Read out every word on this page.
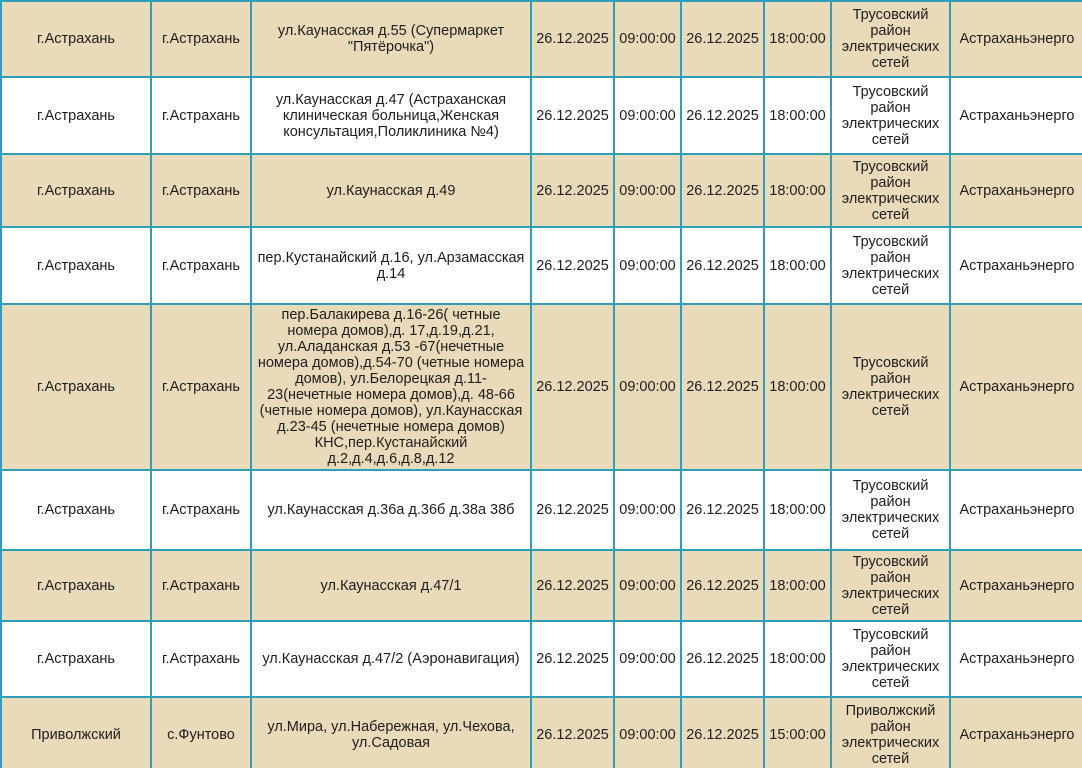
г.Астрахань	г.Астрахань	ул.Каунасская д.55 (Супермаркет "Пятёрочка")	26.12.2025	09:00:00	26.12.2025	18:00:00	Трусовский район электрических сетей	Астраханьэнерго
г.Астрахань	г.Астрахань	ул.Каунасская д.47 (Астраханская клиническая больница,Женская консультация,Поликлиника №4)	26.12.2025	09:00:00	26.12.2025	18:00:00	Трусовский район электрических сетей	Астраханьэнерго
г.Астрахань	г.Астрахань	ул.Каунасская д.49	26.12.2025	09:00:00	26.12.2025	18:00:00	Трусовский район электрических сетей	Астраханьэнерго
г.Астрахань	г.Астрахань	пер.Кустанайский д.16, ул.Арзамасская д.14	26.12.2025	09:00:00	26.12.2025	18:00:00	Трусовский район электрических сетей	Астраханьэнерго
г.Астрахань	г.Астрахань	пер.Балакирева д.16-26( четные номера домов),д. 17,д.19,д.21, ул.Аладанская д.53 -67(нечетные номера домов),д.54-70 (четные номера домов), ул.Белорецкая д.11-23(нечетные номера домов),д. 48-66 (четные номера домов), ул.Каунасская д.23-45 (нечетные номера домов) КНС,пер.Кустанайский д.2,д.4,д.6,д.8,д.12	26.12.2025	09:00:00	26.12.2025	18:00:00	Трусовский район электрических сетей	Астраханьэнерго
г.Астрахань	г.Астрахань	ул.Каунасская д.36а д.36б д.38а 38б	26.12.2025	09:00:00	26.12.2025	18:00:00	Трусовский район электрических сетей	Астраханьэнерго
г.Астрахань	г.Астрахань	ул.Каунасская д.47/1	26.12.2025	09:00:00	26.12.2025	18:00:00	Трусовский район электрических сетей	Астраханьэнерго
г.Астрахань	г.Астрахань	ул.Каунасская д.47/2 (Аэронавигация)	26.12.2025	09:00:00	26.12.2025	18:00:00	Трусовский район электрических сетей	Астраханьэнерго
Приволжский	с.Фунтово	ул.Мира, ул.Набережная, ул.Чехова, ул.Садовая	26.12.2025	09:00:00	26.12.2025	15:00:00	Приволжский район электрических сетей	Астраханьэнерго
